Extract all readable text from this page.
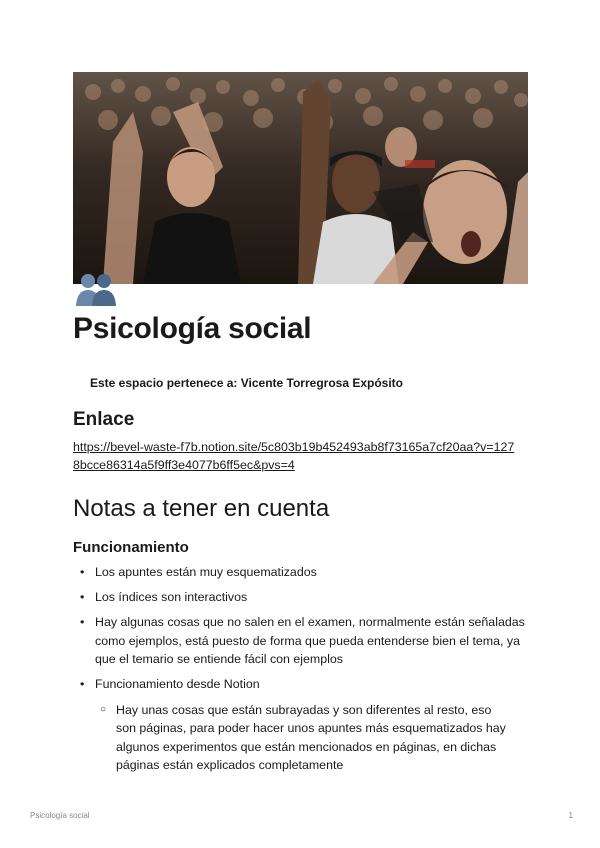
Psicología social
Este espacio pertenece a: Vicente Torregrosa Expósito
Enlace
https://bevel-waste-f7b.notion.site/5c803b19b452493ab8f73165a7cf20aa?v=1278bcce86314a5f9ff3e4077b6ff5ec&pvs=4
Notas a tener en cuenta
Funcionamiento
• Los apuntes están muy esquematizados
• Los índices son interactivos
• Hay algunas cosas que no salen en el examen, normalmente están señaladas como ejemplos, está puesto de forma que pueda entenderse bien el tema, ya que el temario se entiende fácil con ejemplos
• Funcionamiento desde Notion
○ Hay unas cosas que están subrayadas y son diferentes al resto, eso son páginas, para poder hacer unos apuntes más esquematizados hay algunos experimentos que están mencionados en páginas, en dichas páginas están explicados completamente
Psicología social	1
